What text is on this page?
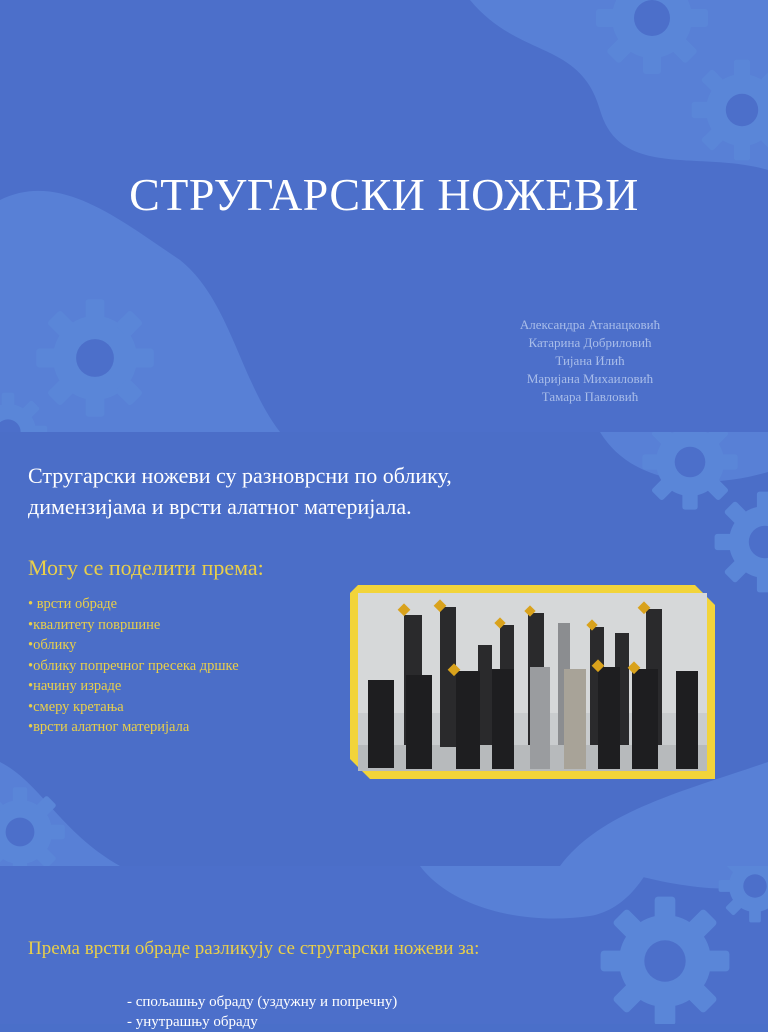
СТРУГАРСКИ НОЖЕВИ
Александра Атанацковић
Катарина Добриловић
Тијана Илић
Маријана Михаиловић
Тамара Павловић
Стругарски ножеви су разноврсни по облику, димензијама и врсти алатног материјала.
Могу се поделити према:
• врсти обраде
•квалитету површине
•облику
•облику попречног пресека дршке
•начину израде
•смеру кретања
•врсти алатног материјала
Према врсти обраде разликују се стругарски ножеви за:
- спољашњу обраду (уздужну и попречну)
- унутрашњу обраду
